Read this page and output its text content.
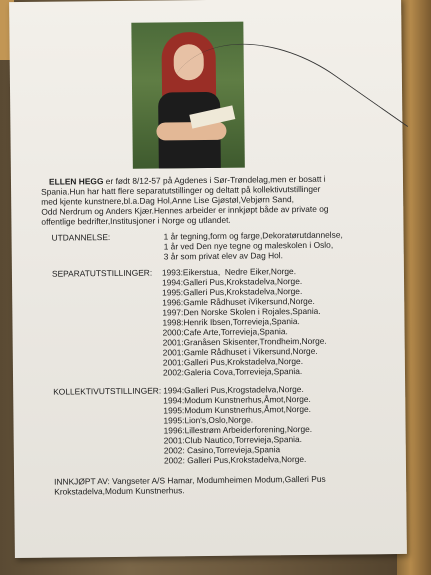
ELLEN HEGG er født 8/12-57 på Agdenes i Sør-Trøndelag,men er bosatt i
Spania.Hun har hatt flere separatutstillinger og deltatt på kollektivutstillinger
med kjente kunstnere,bl.a.Dag Hol,Anne Lise Gjøstøl,Vebjørn Sand,
Odd Nerdrum og Anders Kjær.Hennes arbeider er innkjøpt både av private og
offentlige bedrifter,Institusjoner i Norge og utlandet.
UTDANNELSE:	1 år tegning,form og farge,Dekoratørutdannelse,
1 år ved Den nye tegne og maleskolen i Oslo,
3 år som privat elev av Dag Hol.
SEPARATUTSTILLINGER: 1993:Eikerstua,  Nedre Eiker,Norge.
1994:Galleri Pus,Krokstadelva,Norge.
1995:Galleri Pus,Krokstadelva,Norge.
1996:Gamle Rådhuset iVikersund,Norge.
1997:Den Norske Skolen i Rojales,Spania.
1998:Henrik Ibsen,Torrevieja,Spania.
2000:Cafe Arte,Torrevieja,Spania.
2001:Granåsen Skisenter,Trondheim,Norge.
2001:Gamle Rådhuset i Vikersund,Norge.
2001:Galleri Pus,Krokstadelva,Norge.
2002:Galeria Cova,Torrevieja,Spania.
KOLLEKTIVUTSTILLINGER: 1994:Galleri Pus,Krogstadelva,Norge.
1994:Modum Kunstnerhus,Åmot,Norge.
1995:Modum Kunstnerhus,Åmot,Norge.
1995:Lion's,Oslo,Norge.
1996:Lillestrøm Arbeiderforening,Norge.
2001:Club Nautico,Torrevieja,Spania.
2002: Casino,Torrevieja,Spania
2002: Galleri Pus,Krokstadelva,Norge.
INNKJØPT AV: Vangseter A/S Hamar, Modumheimen Modum,Galleri Pus
Krokstadelva,Modum Kunstnerhus.
